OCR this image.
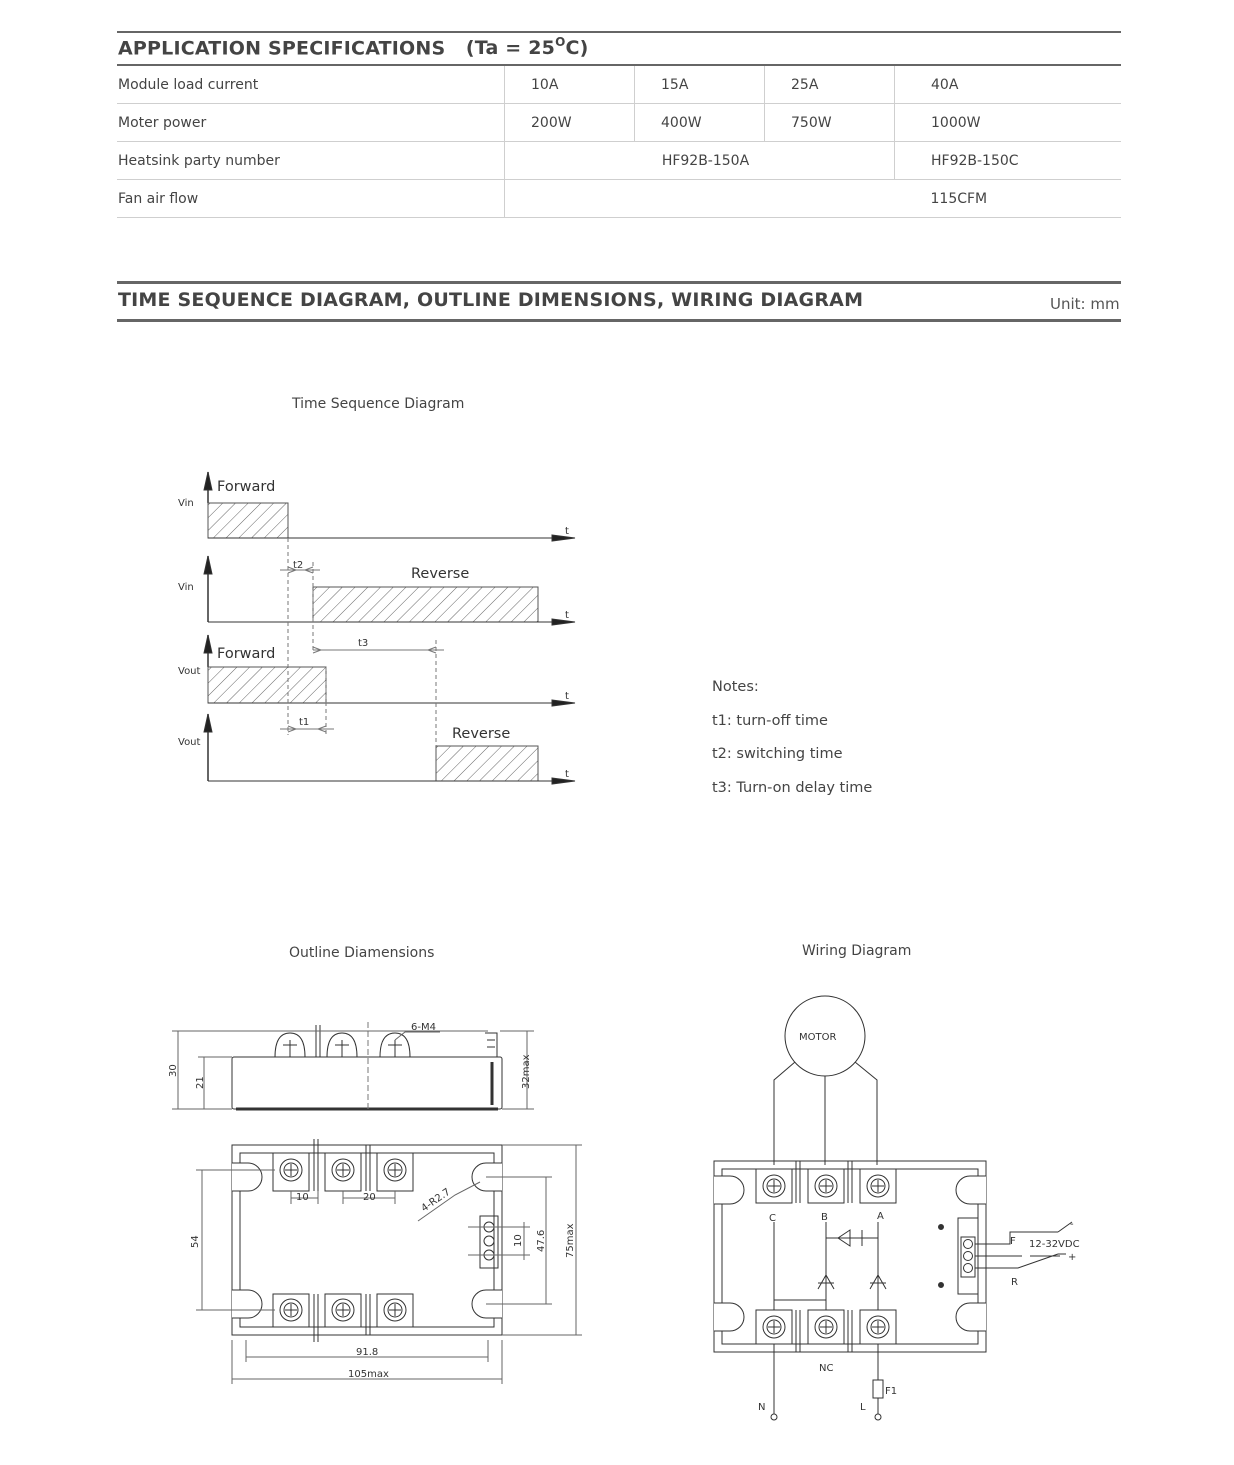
APPLICATION SPECIFICATIONS $(Ta = 25^OC)$
Module load current	10A	15A	25A	40A
Moter power	200W	400W	750W	1000W
Heatsink party number	HF92B-150A			HF92B-150C
Fan air flow				115CFM
TIME SEQUENCE DIAGRAM, OUTLINE DIMENSIONS, WIRING DIAGRAM	Unit: mm
Time Sequence Diagram
Outline Diamensions	Wiring Diagram
Notes:
t1: turn-off time
t2: switching time
t3: Turn-on delay time
Forward
Vin
t
t2
Reverse
Vin
t
t3
Forward
Vout
t
t1
Reverse
Vout
t
30
21	32max
6-M4
10	20	4-R2.7
54	10 47.6 75max
91.8
105max
MOTOR
C	B	A
F 12-32VDC
-
+
R
NC
F1
N	L
